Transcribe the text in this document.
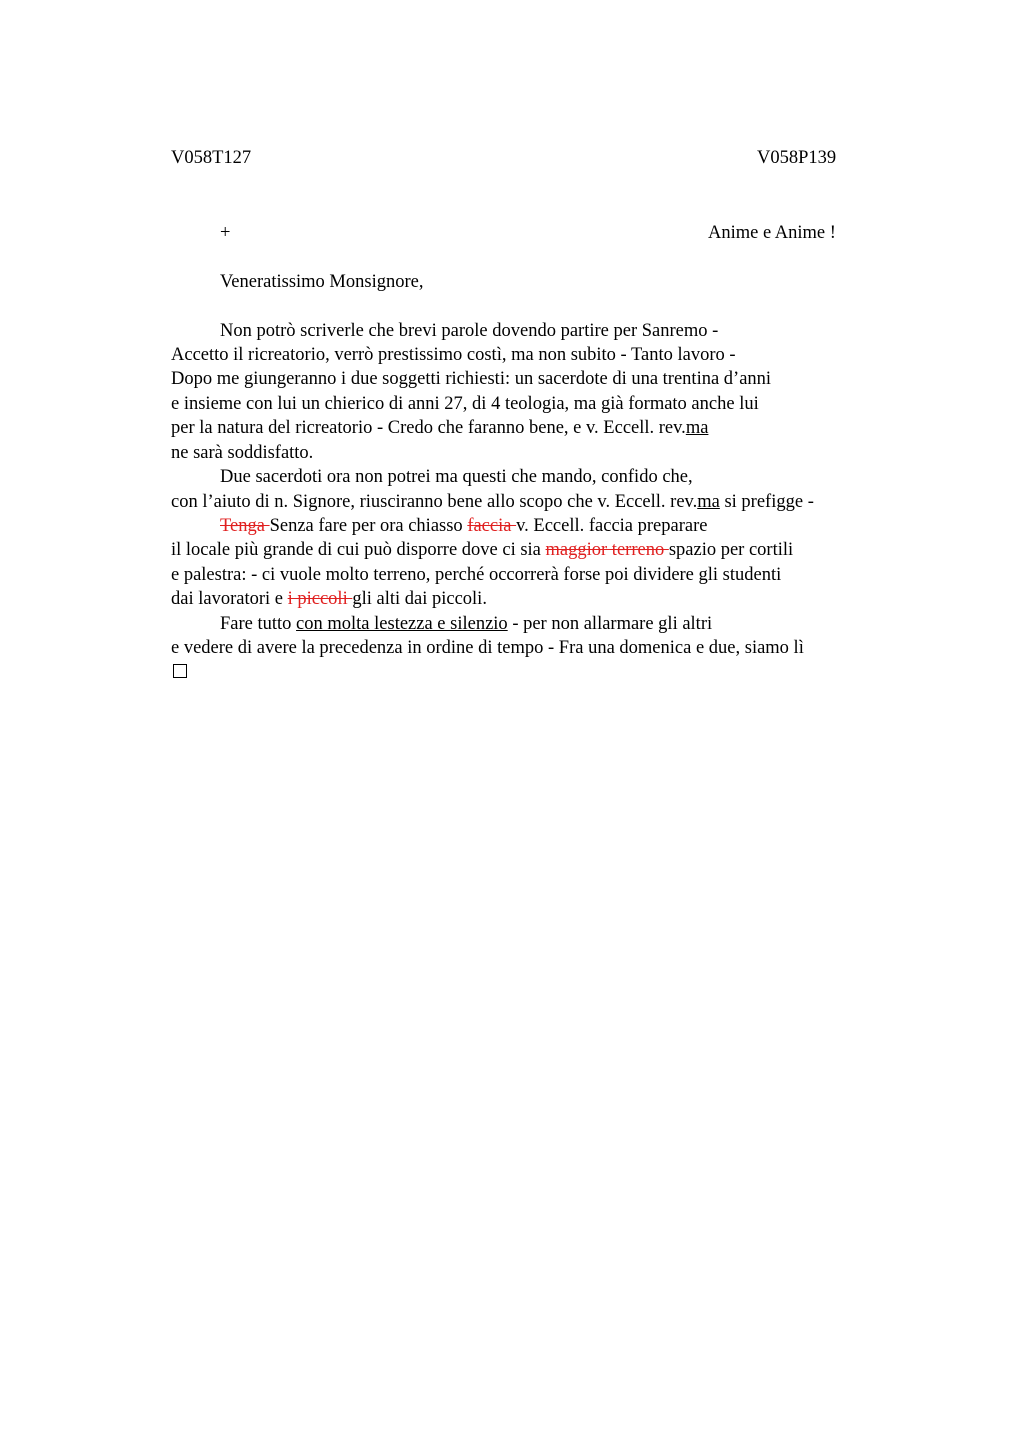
V058T127	V058P139
+	Anime e Anime !
Veneratissimo Monsignore,
Non potrò scriverle che brevi parole dovendo partire per Sanremo -
Accetto il ricreatorio, verrò prestissimo costì, ma non subito - Tanto lavoro -
Dopo me giungeranno i due soggetti richiesti: un sacerdote di una trentina d’anni
e insieme con lui un chierico di anni 27, di 4 teologia, ma già formato anche lui
per la natura del ricreatorio - Credo che faranno bene, e v. Eccell. rev.ma
ne sarà soddisfatto.
Due sacerdoti ora non potrei ma questi che mando, confido che,
con l’aiuto di n. Signore, riusciranno bene allo scopo che v. Eccell. rev.ma si prefigge -
Tenga Senza fare per ora chiasso faccia v. Eccell. faccia preparare
il locale più grande di cui può disporre dove ci sia maggior terreno spazio per cortili
e palestra: - ci vuole molto terreno, perché occorrerà forse poi dividere gli studenti
dai lavoratori e i piccoli gli alti dai piccoli.
Fare tutto con molta lestezza e silenzio - per non allarmare gli altri
e vedere di avere la precedenza in ordine di tempo - Fra una domenica e due, siamo lì
